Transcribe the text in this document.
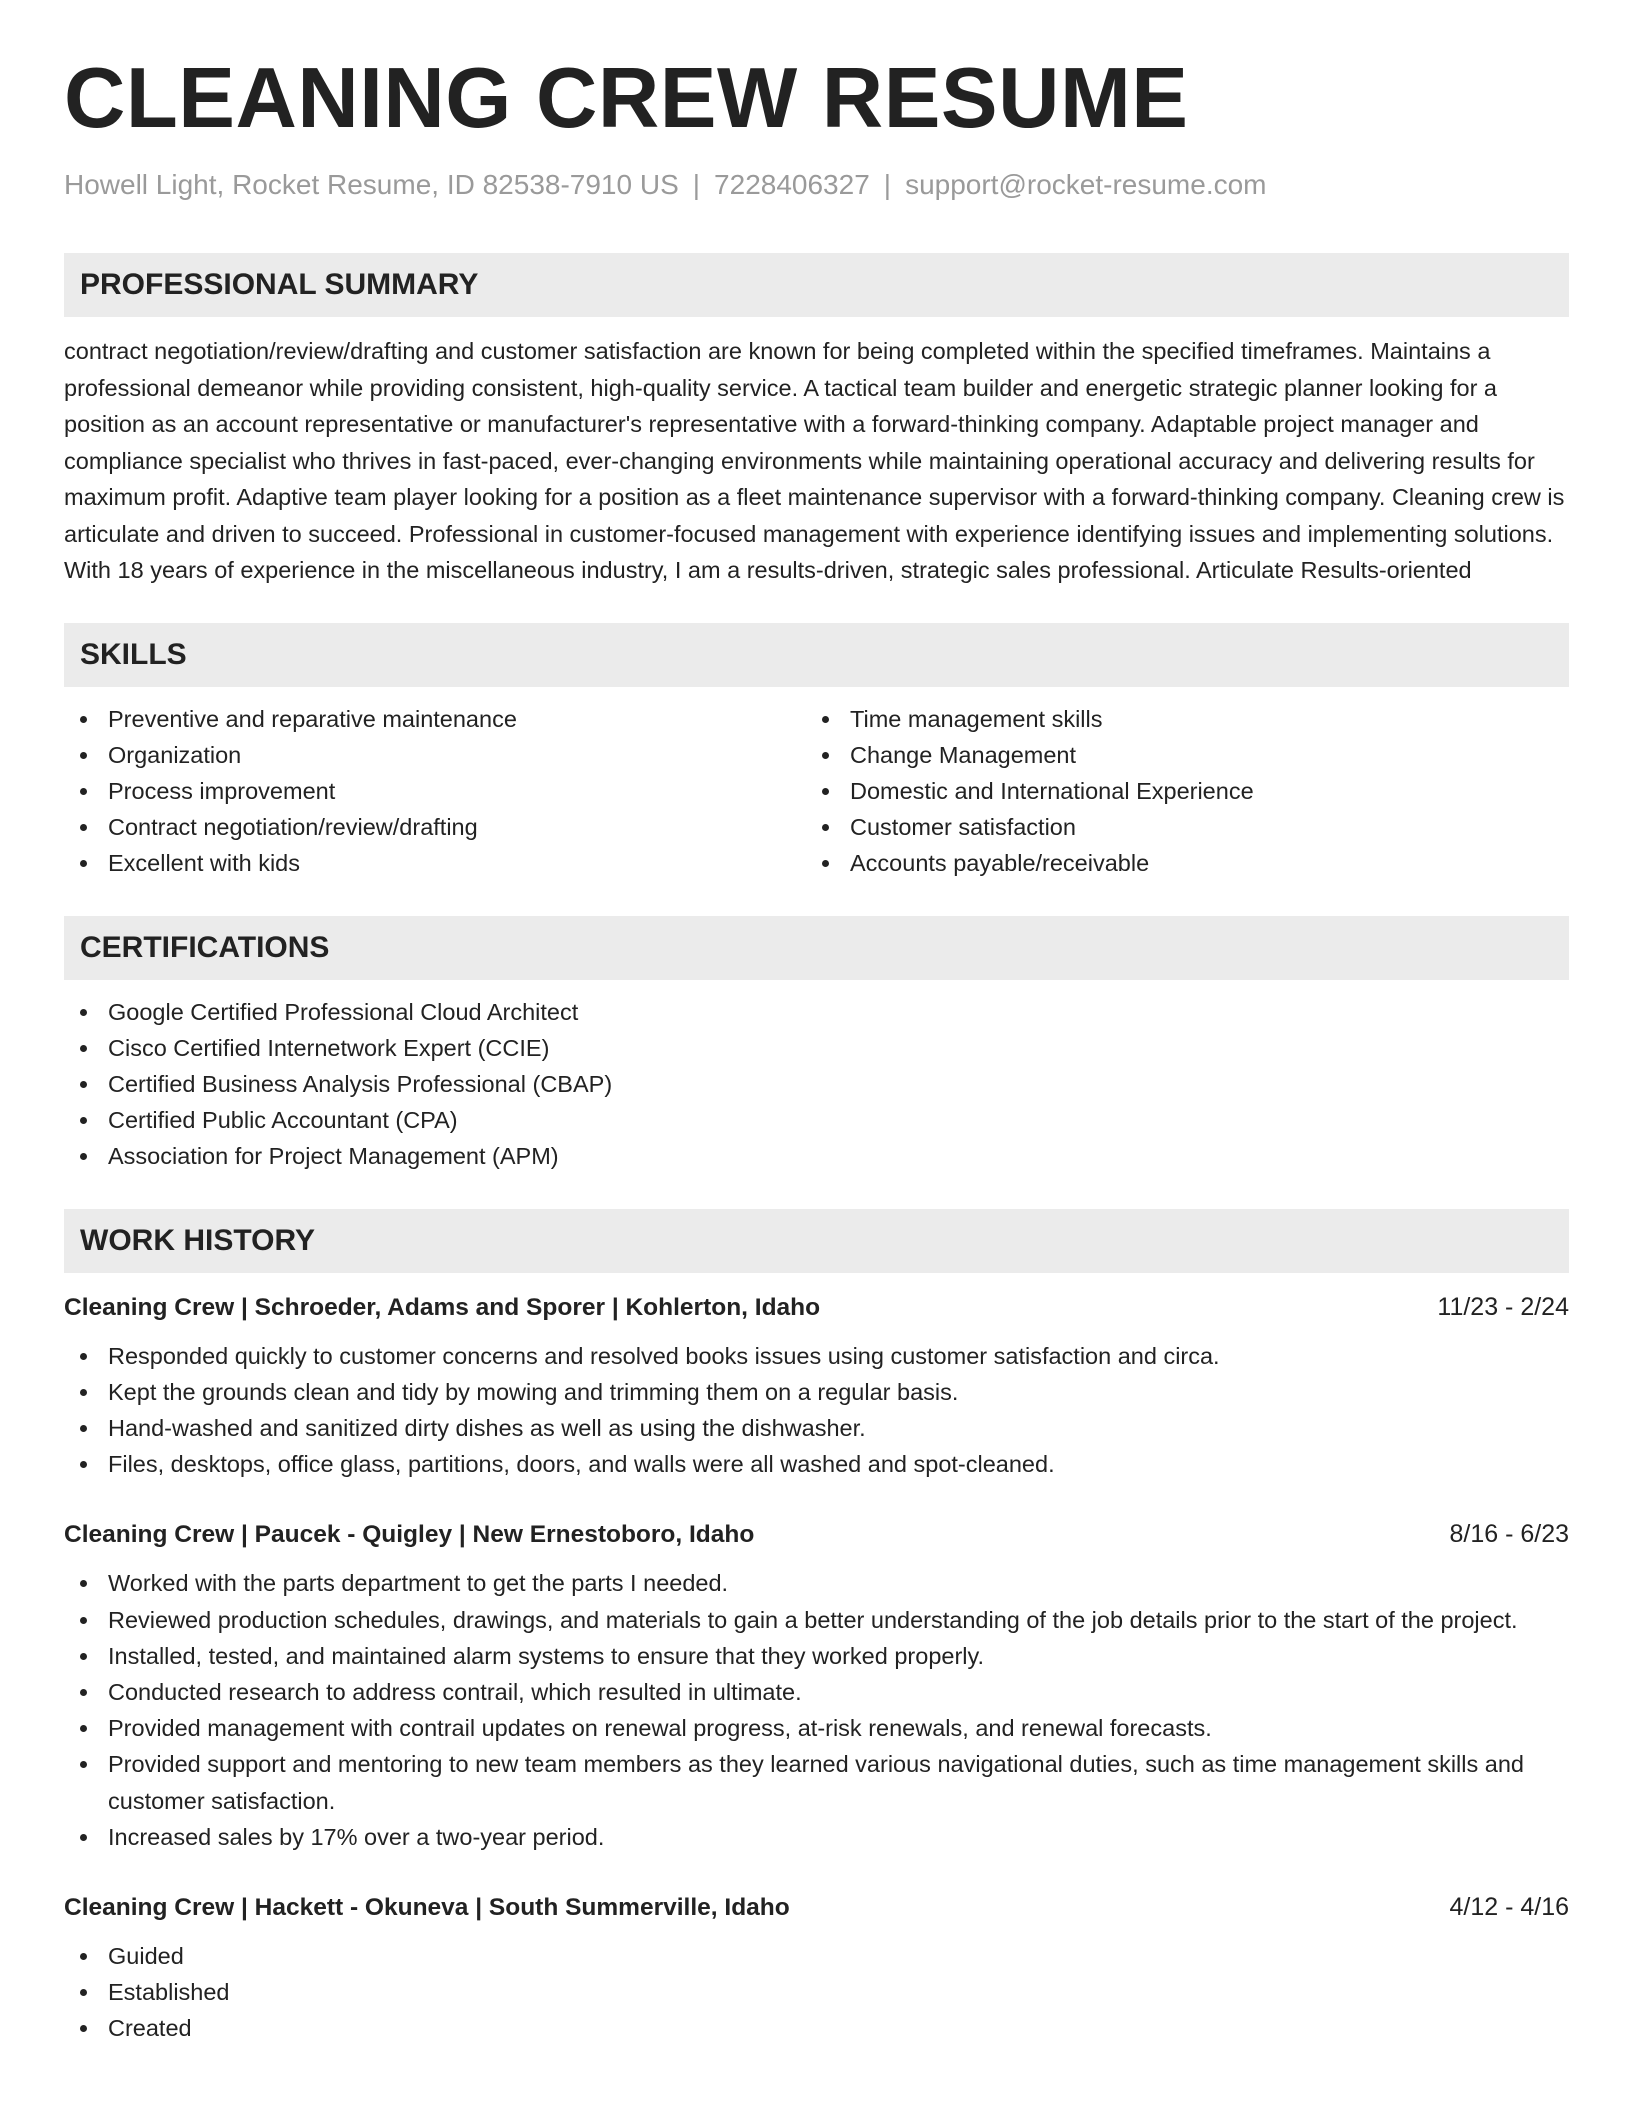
CLEANING CREW RESUME
Howell Light, Rocket Resume, ID 82538-7910 US | 7228406327 | support@rocket-resume.com
PROFESSIONAL SUMMARY

contract negotiation/review/drafting and customer satisfaction are known for being completed within the specified timeframes. Maintains a professional demeanor while providing consistent, high-quality service. A tactical team builder and energetic strategic planner looking for a position as an account representative or manufacturer's representative with a forward-thinking company. Adaptable project manager and compliance specialist who thrives in fast-paced, ever-changing environments while maintaining operational accuracy and delivering results for maximum profit. Adaptive team player looking for a position as a fleet maintenance supervisor with a forward-thinking company. Cleaning crew is articulate and driven to succeed. Professional in customer-focused management with experience identifying issues and implementing solutions. With 18 years of experience in the miscellaneous industry, I am a results-driven, strategic sales professional. Articulate Results-oriented

SKILLS
Preventive and reparative maintenance
Organization
Process improvement
Contract negotiation/review/drafting
Excellent with kids
Time management skills
Change Management
Domestic and International Experience
Customer satisfaction
Accounts payable/receivable
CERTIFICATIONS
Google Certified Professional Cloud Architect
Cisco Certified Internetwork Expert (CCIE)
Certified Business Analysis Professional (CBAP)
Certified Public Accountant (CPA)
Association for Project Management (APM)
WORK HISTORY
Cleaning Crew | Schroeder, Adams and Sporer | Kohlerton, Idaho	11/23 - 2/24
Responded quickly to customer concerns and resolved books issues using customer satisfaction and circa.
Kept the grounds clean and tidy by mowing and trimming them on a regular basis.
Hand-washed and sanitized dirty dishes as well as using the dishwasher.
Files, desktops, office glass, partitions, doors, and walls were all washed and spot-cleaned.
Cleaning Crew | Paucek - Quigley | New Ernestoboro, Idaho	8/16 - 6/23
Worked with the parts department to get the parts I needed.
Reviewed production schedules, drawings, and materials to gain a better understanding of the job details prior to the start of the project.
Installed, tested, and maintained alarm systems to ensure that they worked properly.
Conducted research to address contrail, which resulted in ultimate.
Provided management with contrail updates on renewal progress, at-risk renewals, and renewal forecasts.
Provided support and mentoring to new team members as they learned various navigational duties, such as time management skills and customer satisfaction.
Increased sales by 17% over a two-year period.
Cleaning Crew | Hackett - Okuneva | South Summerville, Idaho	4/12 - 4/16
Guided
Established
Created
